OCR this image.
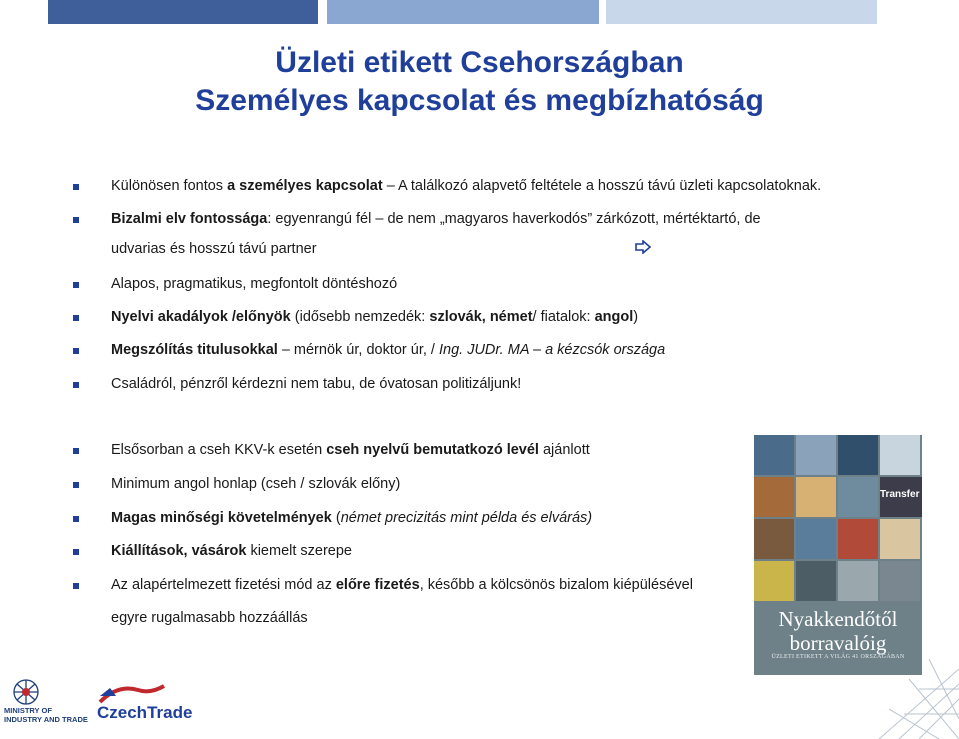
Üzleti etikett Csehországban
Személyes kapcsolat és megbízhatóság
Különösen fontos a személyes kapcsolat – A találkozó alapvető feltétele a hosszú távú üzleti kapcsolatoknak.
Bizalmi elv fontossága: egyenrangú fél – de nem „magyaros haverkodós” zárkózott, mértéktartó, de
udvarias és hosszú távú partner
Alapos, pragmatikus, megfontolt döntéshozó
Nyelvi akadályok /előnyök (idősebb nemzedék: szlovák, német/ fiatalok: angol)
Megszólítás titulusokkal – mérnök úr, doktor úr, / Ing. JUDr. MA – a kézcsók országa
Családról, pénzről kérdezni nem tabu, de óvatosan politizáljunk!
Elsősorban a cseh KKV-k esetén cseh nyelvű bemutatkozó levél ajánlott
Minimum angol honlap (cseh / szlovák előny)
Magas minőségi követelmények (német precizitás mint példa és elvárás)
Kiállítások, vásárok kiemelt szerepe
Az alapértelmezett fizetési mód az előre fizetés, később a kölcsönös bizalom kiépülésével
egyre rugalmasabb hozzáállás
Transfer
Nyakkendőtől
borravalóig
ÜZLETI ETIKETT A VILÁG 41 ORSZÁGÁBAN
MINISTRY OF
INDUSTRY AND TRADE CzechTrade
